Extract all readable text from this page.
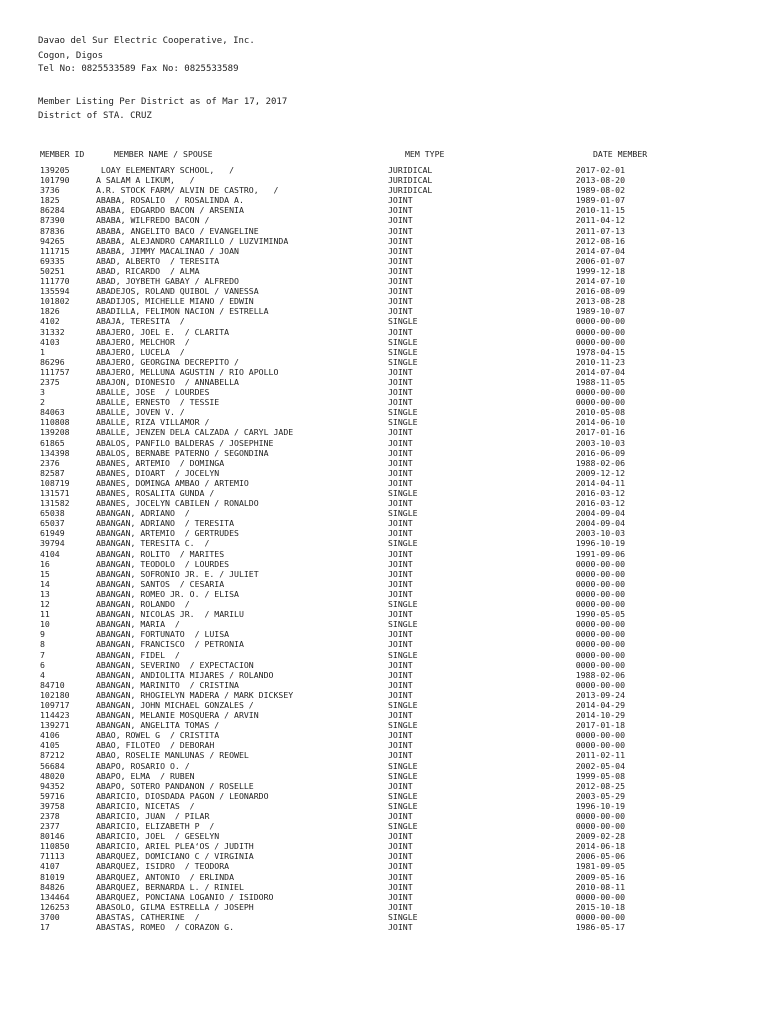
Davao del Sur Electric Cooperative, Inc.
Cogon, Digos
Tel No: 0825533589 Fax No: 0825533589
Member Listing Per District as of Mar 17, 2017
District of STA. CRUZ
MEMBER ID	MEMBER NAME / SPOUSE	MEM TYPE	DATE MEMBER
139205	LOAY ELEMENTARY SCHOOL,   /	JURIDICAL	2017-02-01
101790	A SALAM A LIKUM,   /	JURIDICAL	2013-08-20
3736	A.R. STOCK FARM/ ALVIN DE CASTRO,   /	JURIDICAL	1989-08-02
1825	ABABA, ROSALIO  / ROSALINDA A.	JOINT	1989-01-07
86284	ABABA, EDGARDO BACON / ARSENIA	JOINT	2010-11-15
87390	ABABA, WILFREDO BACON /	JOINT	2011-04-12
87836	ABABA, ANGELITO BACO / EVANGELINE	JOINT	2011-07-13
94265	ABABA, ALEJANDRO CAMARILLO / LUZVIMINDA	JOINT	2012-08-16
111715	ABABA, JIMMY MACALINAO / JOAN	JOINT	2014-07-04
69335	ABAD, ALBERTO  / TERESITA	JOINT	2006-01-07
50251	ABAD, RICARDO  / ALMA	JOINT	1999-12-18
111770	ABAD, JOYBETH GABAY / ALFREDO	JOINT	2014-07-10
135594	ABADEJOS, ROLAND QUIBOL / VANESSA	JOINT	2016-08-09
101802	ABADIJOS, MICHELLE MIANO / EDWIN	JOINT	2013-08-28
1826	ABADILLA, FELIMON NACION / ESTRELLA	JOINT	1989-10-07
4102	ABAJA, TERESITA  /	SINGLE	0000-00-00
31332	ABAJERO, JOEL E.  / CLARITA	JOINT	0000-00-00
4103	ABAJERO, MELCHOR  /	SINGLE	0000-00-00
1	ABAJERO, LUCELA  /	SINGLE	1978-04-15
86296	ABAJERO, GEORGINA DECREPITO /	SINGLE	2010-11-23
111757	ABAJERO, MELLUNA AGUSTIN / RIO APOLLO	JOINT	2014-07-04
2375	ABAJON, DIONESIO  / ANNABELLA	JOINT	1988-11-05
3	ABALLE, JOSE  / LOURDES	JOINT	0000-00-00
2	ABALLE, ERNESTO  / TESSIE	JOINT	0000-00-00
84063	ABALLE, JOVEN V. /	SINGLE	2010-05-08
110808	ABALLE, RIZA VILLAMOR /	SINGLE	2014-06-10
139208	ABALLE, JENZEN DELA CALZADA / CARYL JADE	JOINT	2017-01-16
61865	ABALOS, PANFILO BALDERAS / JOSEPHINE	JOINT	2003-10-03
134398	ABALOS, BERNABE PATERNO / SEGONDINA	JOINT	2016-06-09
2376	ABANES, ARTEMIO  / DOMINGA	JOINT	1988-02-06
82587	ABANES, DIOART  / JOCELYN	JOINT	2009-12-12
108719	ABANES, DOMINGA AMBAO / ARTEMIO	JOINT	2014-04-11
131571	ABANES, ROSALITA GUNDA /	SINGLE	2016-03-12
131582	ABANES, JOCELYN CABILEN / RONALDO	JOINT	2016-03-12
65038	ABANGAN, ADRIANO  /	SINGLE	2004-09-04
65037	ABANGAN, ADRIANO  / TERESITA	JOINT	2004-09-04
61949	ABANGAN, ARTEMIO  / GERTRUDES	JOINT	2003-10-03
39794	ABANGAN, TERESITA C.  /	SINGLE	1996-10-19
4104	ABANGAN, ROLITO  / MARITES	JOINT	1991-09-06
16	ABANGAN, TEODOLO  / LOURDES	JOINT	0000-00-00
15	ABANGAN, SOFRONIO JR. E. / JULIET	JOINT	0000-00-00
14	ABANGAN, SANTOS  / CESARIA	JOINT	0000-00-00
13	ABANGAN, ROMEO JR. O. / ELISA	JOINT	0000-00-00
12	ABANGAN, ROLANDO  /	SINGLE	0000-00-00
11	ABANGAN, NICOLAS JR.  / MARILU	JOINT	1990-05-05
10	ABANGAN, MARIA  /	SINGLE	0000-00-00
9	ABANGAN, FORTUNATO  / LUISA	JOINT	0000-00-00
8	ABANGAN, FRANCISCO  / PETRONIA	JOINT	0000-00-00
7	ABANGAN, FIDEL  /	SINGLE	0000-00-00
6	ABANGAN, SEVERINO  / EXPECTACION	JOINT	0000-00-00
4	ABANGAN, ANDIOLITA MIJARES / ROLANDO	JOINT	1988-02-06
84710	ABANGAN, MARINITO  / CRISTINA	JOINT	0000-00-00
102180	ABANGAN, RHOGIELYN MADERA / MARK DICKSEY	JOINT	2013-09-24
109717	ABANGAN, JOHN MICHAEL GONZALES /	SINGLE	2014-04-29
114423	ABANGAN, MELANIE MOSQUERA / ARVIN	JOINT	2014-10-29
139271	ABANGAN, ANGELITA TOMAS /	SINGLE	2017-01-18
4106	ABAO, ROWEL G  / CRISTITA	JOINT	0000-00-00
4105	ABAO, FILOTEO  / DEBORAH	JOINT	0000-00-00
87212	ABAO, ROSELIE MANLUNAS / REOWEL	JOINT	2011-02-11
56684	ABAPO, ROSARIO O. /	SINGLE	2002-05-04
48020	ABAPO, ELMA  / RUBEN	SINGLE	1999-05-08
94352	ABAPO, SOTERO PANDANON / ROSELLE	JOINT	2012-08-25
59716	ABARICIO, DIOSDADA PAGON / LEONARDO	SINGLE	2003-05-29
39758	ABARICIO, NICETAS  /	SINGLE	1996-10-19
2378	ABARICIO, JUAN  / PILAR	JOINT	0000-00-00
2377	ABARICIO, ELIZABETH P  /	SINGLE	0000-00-00
80146	ABARICIO, JOEL  / GESELYN	JOINT	2009-02-28
110850	ABARICIO, ARIEL PLEA‘OS / JUDITH	JOINT	2014-06-18
71113	ABARQUEZ, DOMICIANO C / VIRGINIA	JOINT	2006-05-06
4107	ABARQUEZ, ISIDRO  / TEODORA	JOINT	1981-09-05
81019	ABARQUEZ, ANTONIO  / ERLINDA	JOINT	2009-05-16
84826	ABARQUEZ, BERNARDA L. / RINIEL	JOINT	2010-08-11
134464	ABARQUEZ, PONCIANA LOGANIO / ISIDORO	JOINT	0000-00-00
126253	ABASOLO, GILMA ESTRELLA / JOSEPH	JOINT	2015-10-18
3700	ABASTAS, CATHERINE  /	SINGLE	0000-00-00
17	ABASTAS, ROMEO  / CORAZON G.	JOINT	1986-05-17
